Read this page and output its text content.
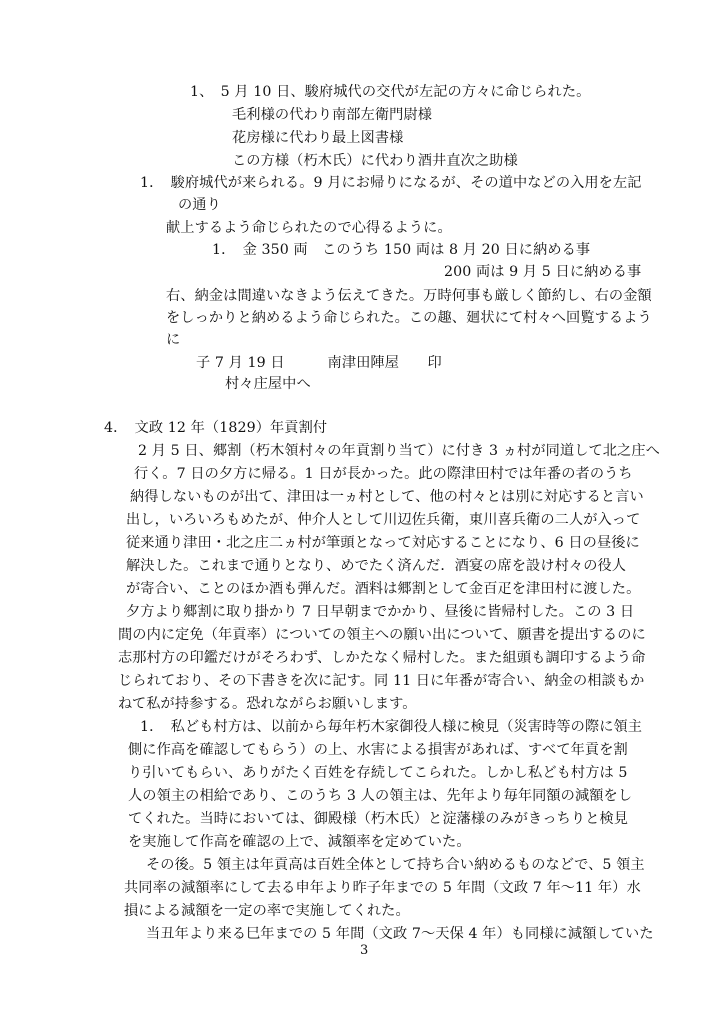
1、　5 月 10 日、駿府城代の交代が左記の方々に命じられた。
毛利様の代わり南部左衛門尉様
花房様に代わり最上図書様
この方様（朽木氏）に代わり酒井直次之助様
1．　駿府城代が来られる。9 月にお帰りになるが、その道中などの入用を左記
の通り
献上するよう命じられたので心得るように。
1．　金 350 両　このうち 150 両は 8 月 20 日に納める事
200 両は 9 月 5 日に納める事
右、納金は間違いなきよう伝えてきた。万時何事も厳しく節約し、右の金額
をしっかりと納めるよう命じられた。この趣、廻状にて村々へ回覧するよう
に
子 7 月 19 日　　　南津田陣屋　　印
村々庄屋中へ
4．　文政 12 年（1829）年貢割付
2 月 5 日、郷割（朽木領村々の年貢割り当て）に付き 3 ヵ村が同道して北之庄へ
行く。7 日の夕方に帰る。1 日が長かった。此の際津田村では年番の者のうち
納得しないものが出て、津田は一ヵ村として、他の村々とは別に対応すると言い
出し，いろいろもめたが、仲介人として川辺佐兵衛，東川喜兵衛の二人が入って
従来通り津田・北之庄二ヵ村が筆頭となって対応することになり、6 日の昼後に
解決した。これまで通りとなり、めでたく済んだ．酒宴の席を設け村々の役人
が寄合い、ことのほか酒も弾んだ。酒料は郷割として金百疋を津田村に渡した。
夕方より郷割に取り掛かり 7 日早朝までかかり、昼後に皆帰村した。この 3 日
間の内に定免（年貢率）についての領主への願い出について、願書を提出するのに
志那村方の印鑑だけがそろわず、しかたなく帰村した。また組頭も調印するよう命
じられており、その下書きを次に記す。同 11 日に年番が寄合い、納金の相談もか
ねて私が持参する。恐れながらお願いします。
1．　私ども村方は、以前から毎年朽木家御役人様に検見（災害時等の際に領主
側に作高を確認してもらう）の上、水害による損害があれば、すべて年貢を割
り引いてもらい、ありがたく百姓を存続してこられた。しかし私ども村方は 5
人の領主の相給であり、このうち 3 人の領主は、先年より毎年同額の減額をし
てくれた。当時においては、御殿様（朽木氏）と淀藩様のみがきっちりと検見
を実施して作高を確認の上で、減額率を定めていた。
その後。5 領主は年貢高は百姓全体として持ち合い納めるものなどで、5 領主
共同率の減額率にして去る申年より昨子年までの 5 年間（文政 7 年～11 年）水
損による減額を一定の率で実施してくれた。
当丑年より来る巳年までの 5 年間（文政 7～天保 4 年）も同様に減額していた
3
